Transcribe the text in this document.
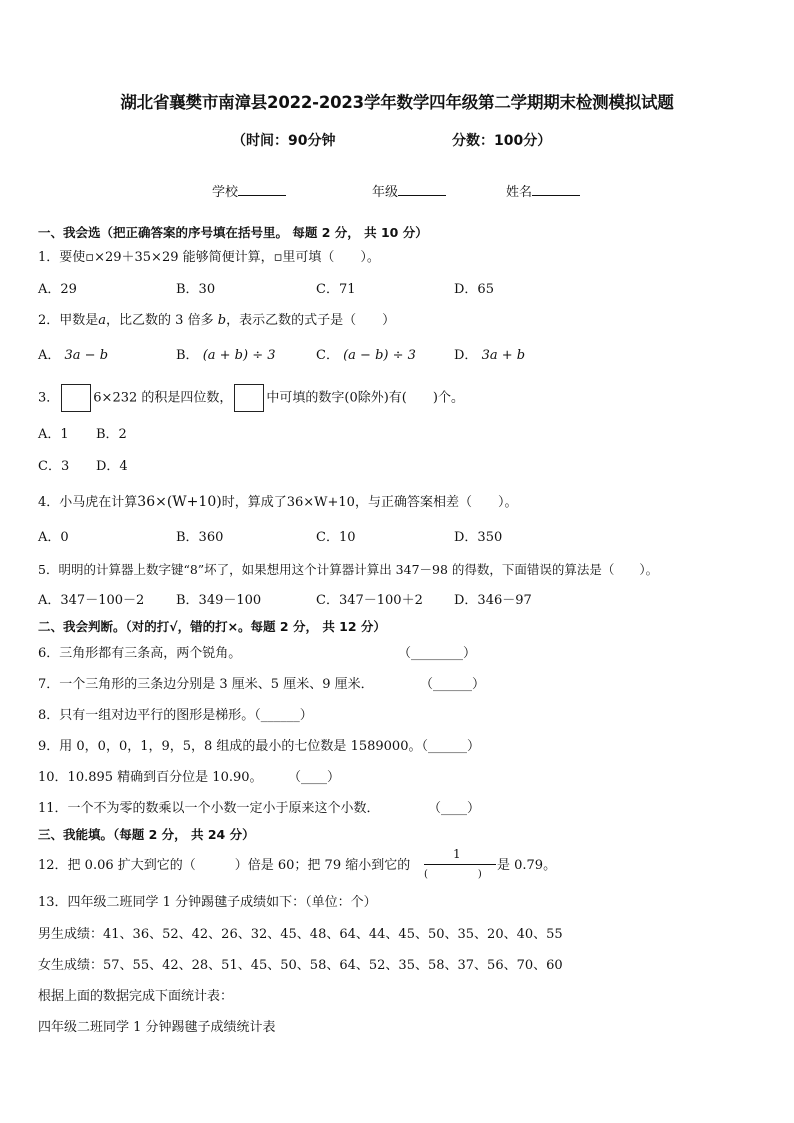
湖北省襄樊市南漳县2022-2023学年数学四年级第二学期期末检测模拟试题
（时间：90分钟	分数：100分）
学校	年级	姓名
一、我会选（把正确答案的序号填在括号里。 每题 2 分， 共 10 分）
1．要使▫×29＋35×29 能够简便计算，▫里可填（　　）。
A．29	B．30	C．71	D．65
2．甲数是a，比乙数的 3 倍多 b，表示乙数的式子是（　　）
A． 3a − b	B． (a + b) ÷ 3	C． (a − b) ÷ 3	D． 3a + b
3．	6×232 的积是四位数，	中可填的数字(0除外)有(　　)个。
A．1 B．2
C．3 D．4
4．小马虎在计算36×(W+10)时，算成了36×W+10，与正确答案相差（　　）。
A．0	B．360	C．10	D．350
5．明明的计算器上数字键“8”坏了，如果想用这个计算器计算出 347－98 的得数，下面错误的算法是（　　）。
A．347－100－2 B．349－100	C．347－100＋2 D．346－97
二、我会判断。（对的打√，错的打×。每题 2 分， 共 12 分）
6．三角形都有三条高，两个锐角。	（________）
7．一个三角形的三条边分别是 3 厘米、5 厘米、9 厘米．	（______）
8．只有一组对边平行的图形是梯形。（______）
9．用 0，0，0，1，9，5，8 组成的最小的七位数是 1589000。（______）
10．10.895 精确到百分位是 10.90。 （____）
11．一个不为零的数乘以一个小数一定小于原来这个小数．	（____）
三、我能填。（每题 2 分， 共 24 分）
12．把 0.06 扩大到它的（　　　）倍是 60；把 79 缩小到它的
1
(　　　　　)
是 0.79。
13．四年级二班同学 1 分钟踢毽子成绩如下：（单位：个）
男生成绩：41、36、52、42、26、32、45、48、64、44、45、50、35、20、40、55
女生成绩：57、55、42、28、51、45、50、58、64、52、35、58、37、56、70、60
根据上面的数据完成下面统计表：
四年级二班同学 1 分钟踢毽子成绩统计表
